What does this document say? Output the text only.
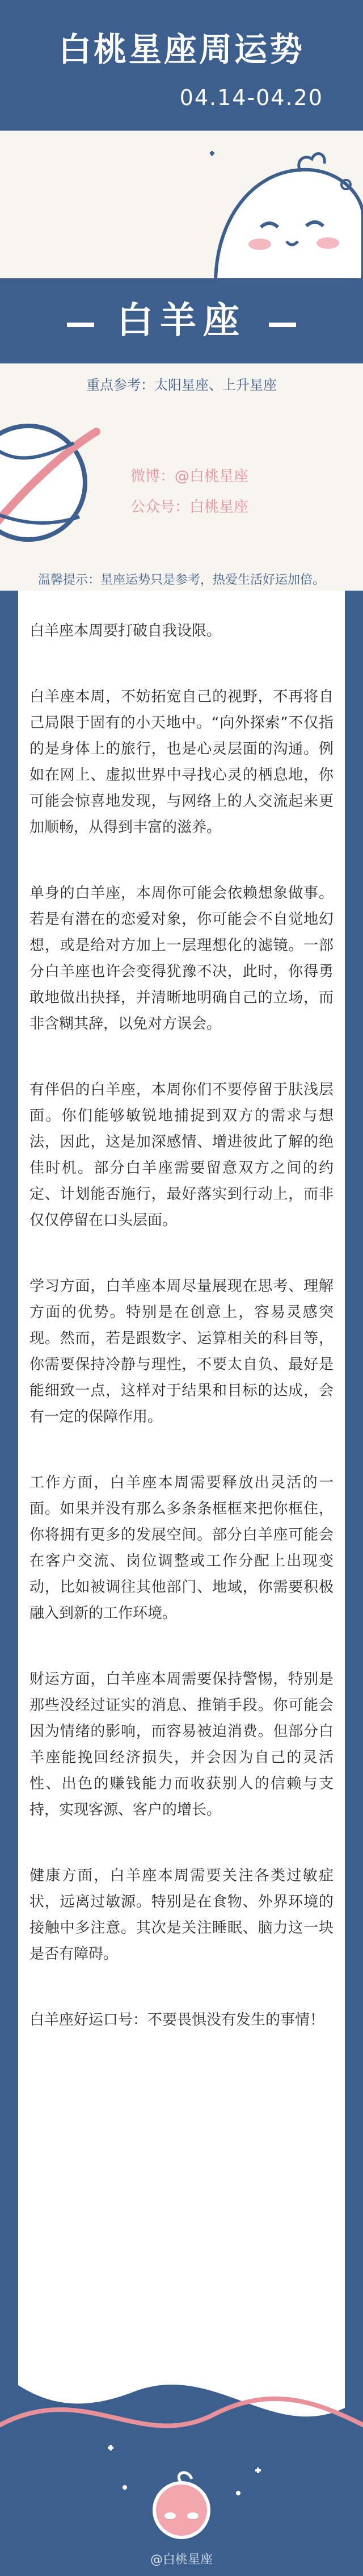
白桃星座周运势
04.14-04.20
白羊座
重点参考：太阳星座、上升星座
微博：@白桃星座
公众号：白桃星座
温馨提示：星座运势只是参考，热爱生活好运加倍。

白羊座本周要打破自我设限。

白羊座本周，不妨拓宽自己的视野，不再将自己局限于固有的小天地中。“向外探索”不仅指的是身体上的旅行，也是心灵层面的沟通。例如在网上、虚拟世界中寻找心灵的栖息地，你可能会惊喜地发现，与网络上的人交流起来更加顺畅，从得到丰富的滋养。

单身的白羊座，本周你可能会依赖想象做事。若是有潜在的恋爱对象，你可能会不自觉地幻想，或是给对方加上一层理想化的滤镜。一部分白羊座也许会变得犹豫不决，此时，你得勇敢地做出抉择，并清晰地明确自己的立场，而非含糊其辞，以免对方误会。

有伴侣的白羊座，本周你们不要停留于肤浅层面。你们能够敏锐地捕捉到双方的需求与想法，因此，这是加深感情、增进彼此了解的绝佳时机。部分白羊座需要留意双方之间的约定、计划能否施行，最好落实到行动上，而非仅仅停留在口头层面。

学习方面，白羊座本周尽量展现在思考、理解方面的优势。特别是在创意上，容易灵感突现。然而，若是跟数字、运算相关的科目等，你需要保持冷静与理性，不要太自负、最好是能细致一点，这样对于结果和目标的达成，会有一定的保障作用。

工作方面，白羊座本周需要释放出灵活的一面。如果并没有那么多条条框框来把你框住，你将拥有更多的发展空间。部分白羊座可能会在客户交流、岗位调整或工作分配上出现变动，比如被调往其他部门、地域，你需要积极融入到新的工作环境。

财运方面，白羊座本周需要保持警惕，特别是那些没经过证实的消息、推销手段。你可能会因为情绪的影响，而容易被迫消费。但部分白羊座能挽回经济损失，并会因为自己的灵活性、出色的赚钱能力而收获别人的信赖与支持，实现客源、客户的增长。

健康方面，白羊座本周需要关注各类过敏症状，远离过敏源。特别是在食物、外界环境的接触中多注意。其次是关注睡眠、脑力这一块是否有障碍。

白羊座好运口号：不要畏惧没有发生的事情！

@白桃星座
